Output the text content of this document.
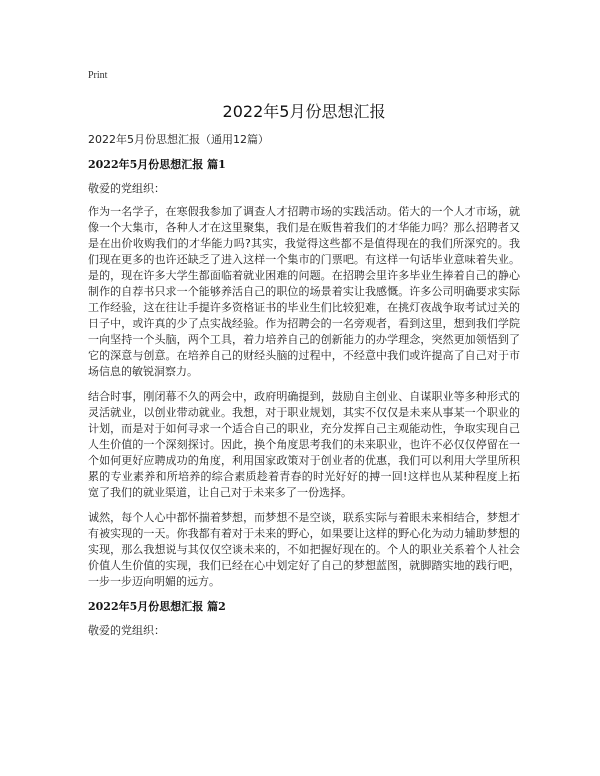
Print
2022年5月份思想汇报
2022年5月份思想汇报（通用12篇）
2022年5月份思想汇报 篇1
敬爱的党组织：

作为一名学子，在寒假我参加了调查人才招聘市场的实践活动。偌大的一个人才市场，就像一个大集市，各种人才在这里聚集，我们是在贩售着我们的才华能力吗？那么招聘者又是在出价收购我们的才华能力吗?其实，我觉得这些都不是值得现在的我们所深究的。我们现在更多的也许还缺乏了进入这样一个集市的门票吧。有这样一句话毕业意味着失业。是的，现在许多大学生都面临着就业困难的问题。在招聘会里许多毕业生捧着自己的静心制作的自荐书只求一个能够养活自己的职位的场景着实让我感慨。许多公司明确要求实际工作经验，这在往让手提许多资格证书的毕业生们比较犯难，在挑灯夜战争取考试过关的日子中，或许真的少了点实战经验。作为招聘会的一名旁观者，看到这里，想到我们学院一向坚持一个头脑，两个工具，着力培养自己的创新能力的办学理念，突然更加领悟到了它的深意与创意。在培养自己的财经头脑的过程中，不经意中我们或许提高了自己对于市场信息的敏锐洞察力。

结合时事，刚闭幕不久的两会中，政府明确提到，鼓励自主创业、自谋职业等多种形式的灵活就业，以创业带动就业。我想，对于职业规划，其实不仅仅是未来从事某一个职业的计划，而是对于如何寻求一个适合自己的职业，充分发挥自己主观能动性，争取实现自己人生价值的一个深刻探讨。因此，换个角度思考我们的未来职业，也许不必仅仅停留在一个如何更好应聘成功的角度，利用国家政策对于创业者的优惠，我们可以利用大学里所积累的专业素养和所培养的综合素质趁着青春的时光好好的搏一回!这样也从某种程度上拓宽了我们的就业渠道，让自己对于未来多了一份选择。

诚然，每个人心中都怀揣着梦想，而梦想不是空谈，联系实际与着眼未来相结合，梦想才有被实现的一天。你我都有着对于未来的野心，如果要让这样的野心化为动力辅助梦想的实现，那么我想说与其仅仅空谈未来的，不如把握好现在的。个人的职业关系着个人社会价值人生价值的实现，我们已经在心中划定好了自己的梦想蓝图，就脚踏实地的践行吧，一步一步迈向明媚的远方。

2022年5月份思想汇报 篇2
敬爱的党组织：
